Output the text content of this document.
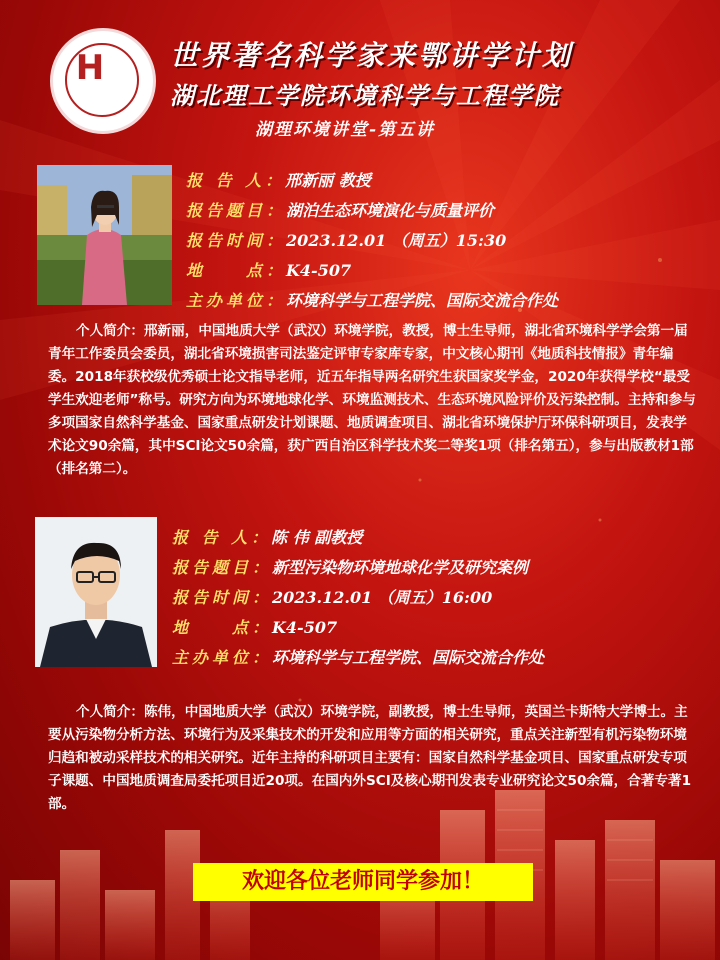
H 世界著名科学家来鄂讲学计划
湖北理工学院环境科学与工程学院
湖理环境讲堂-第五讲
报 告 人：邢新丽 教授
报告题目：湖泊生态环境演化与质量评价
报告时间：2023.12.01 （周五）15:30
地　　点：K4-507
主办单位：环境科学与工程学院、国际交流合作处
个人简介：邢新丽，中国地质大学（武汉）环境学院，教授，博士生导师，湖北省环境科学学会第一届青年工作委员会委员，湖北省环境损害司法鉴定评审专家库专家，中文核心期刊《地质科技情报》青年编委。2018年获校级优秀硕士论文指导老师，近五年指导两名研究生获国家奖学金，2020年获得学校“最受学生欢迎老师”称号。研究方向为环境地球化学、环境监测技术、生态环境风险评价及污染控制。主持和参与多项国家自然科学基金、国家重点研发计划课题、地质调查项目、湖北省环境保护厅环保科研项目，发表学术论文90余篇，其中SCI论文50余篇，获广西自治区科学技术奖二等奖1项（排名第五），参与出版教材1部（排名第二）。
报 告 人：陈 伟 副教授
报告题目：新型污染物环境地球化学及研究案例
报告时间：2023.12.01 （周五）16:00
地　　点：K4-507
主办单位：环境科学与工程学院、国际交流合作处
个人简介：陈伟，中国地质大学（武汉）环境学院，副教授，博士生导师，英国兰卡斯特大学博士。主要从污染物分析方法、环境行为及采集技术的开发和应用等方面的相关研究，重点关注新型有机污染物环境归趋和被动采样技术的相关研究。近年主持的科研项目主要有：国家自然科学基金项目、国家重点研发专项子课题、中国地质调查局委托项目近20项。在国内外SCI及核心期刊发表专业研究论文50余篇，合著专著1部。
欢迎各位老师同学参加！
